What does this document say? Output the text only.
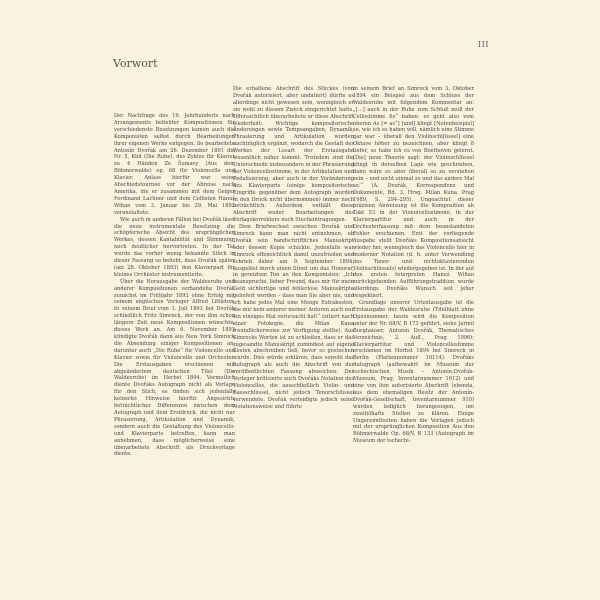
III
Vorwort

Der Nachfrage des 19. Jahrhunderts nach Arrangements beliebter Kompositionen für verschiedenste Besetzungen kamen auch die Komponisten selbst durch Bearbeitungen ihrer eigenen Werke entgegen. So bearbeitete Antonín Dvořák am 26. Dezember 1891 die Nr. 5, Klid (Die Ruhe), des Zyklus für Klavier zu 4 Händen Ze Šumavy (Aus dem Böhmerwalde) op. 68 für Violoncello und Klavier. Anlass hierfür war seine Abschiedstournee vor der Abreise nach Amerika, die er zusammen mit dem Geiger Ferdinand Lachner und dem Cellisten Hanuš Wihan vom 3. Januar bis 29. Mai 1892 veranstaltete.

Wie auch in anderen Fällen bei Dvořák lässt die neue instrumentale Besetzung die schöpferische Absicht des ursprünglichen Werkes, dessen Kantabilität und Stimmung, noch deutlicher hervortreten. In der Tat wurde das vorher wenig bekannte Stück in dieser Fassung so beliebt, dass Dvořák später (am 28. Oktober 1893) den Klavierpart für kleines Orchester instrumentierte.

Über die Herausgabe der Waldesruhe und anderer Kompositionen verhandelte Dvořák zunächst im Frühjahr 1893 ohne Erfolg mit seinem englischen Verleger Alfred Littleton. In seinem Brief vom 3. Juli 1893 bot Dvořák schließlich Fritz Simrock, der von ihm schon längere Zeit neue Kompositionen wünschte, dieses Werk an. Am 6. November 1893 kündigte Dvořák dann aus New York Simrock die Absendung einiger Kompositionen an, darunter auch „Die Ruhe“ für Violoncello und Klavier sowie für Violoncello und Orchester. Die Erstausgaben erschienen mit abgeändertem deutschen Titel (Die Waldesruhe) im Herbst 1894. Vermutlich diente Dvořáks Autograph nicht als Vorlage für den Stich, es finden sich jedenfalls keinerlei Hinweise hierfür. Angesichts beträchtlicher Differenzen zwischen dem Autograph und dem Erstdruck, die nicht nur Phrasierung, Artikulation und Dynamik, sondern auch die Gestaltung des Violoncello- und Klavierparts betreffen, kann man annehmen, dass möglicherweise eine überarbeitete Abschrift als Druckvorlage diente.

Die erhaltene Abschrift des Stückes (von Dvořák autorisiert, aber undatiert) dürfte es allerdings nicht gewesen sein, wenngleich er sie wohl zu diesem Zweck eingerichtet hatte. Offensichtlich überarbeitete er diese Abschrift wiederholt: Wichtige kompositorische Änderungen sowie Tempoangaben, Dynamik, Phrasierung und Artikulation wurden nachträglich ergänzt, wodurch die Gestalt des Werkes der Lesart der Erstausgabe wesentlich näher kommt. Trotzdem sind die Unterschiede insbesondere in der Phrasierung der Violoncellostimme, in der Artikulation und Pedalisierung, aber auch in der Veränderung des Klavierparts (einige kompositorische Eingriffe gegenüber dem Autograph wurden in den Druck nicht übernommen) immer noch beträchtlich. Außerdem enthält diese Abschrift weder Bearbeitungen des Verlagskorrektors noch Stecheintragungen.

Dem Briefwechsel zwischen Dvořák und Simrock kann man nicht entnehmen, ob Dvořák sein handschriftliches Manuskript oder dessen Kopie schickte. Jedenfalls war Simrock offensichtlich damit unzufrieden und schrieb daher am 9. September 1894, ausgelöst durch einen Streit um das Honorar, in gereiztem Ton an den Komponisten: „Ich beanspruche, lieber Freund, dass mir für mein Geld sichfertige und fehlerlose Manuskripte geliefert werden – dass man Sie aber nie, und ich habe jedes Mal eine Menge Extrakosten, die mir kein anderer meiner Autoren auch nur ein einziges Mal verursacht hat!“ (zitiert nach einer Fotokopie, die Milan Kuna freundlicherweise zur Verfügung stellte). Aus Simrocks Worten ist zu schließen, dass er das zugesandte Manuskript zumindest auf eigene Kosten abschreiben ließ, bevor es gestochen wurde. Dies würde erklären, dass sowohl das Autograph als auch die Abschrift von der veröffentlichten Fassung abweichen. Der Verleger kritisierte auch Dvořáks Notation des Violoncellos, die ausschließlich Violin- und Bassschlüssel, nicht jedoch Tenorschlüssel verwendete. Dvořák verteidigte jedoch seine Notationsweise und führte

in seinem Brief an Simrock vom 3. Oktober 1894 ein Beispiel aus dem Schluss der Waldesruhe mit folgendem Kommentar an: „[…] auch in der Ruhe zum Schluß muß der Cellostimme fis“ haben: es geht also vom oberen As [= as“] [und] klingt [Notenbeispiel] so, wie ich es haben will, nämlich eine Stimme gar war – überall den Violinschl[üssel] eine Oktave höher zu bezeichnen, aber klingt 8 tiefer, so habe ich es von Beethoven gelernt. [Die] neue Theorie sagt: der Violinschlüssel klingt in derselben Lage wie geschrieben, dann wäre es aber überall so zu verstehen sein – und nicht einmal so und das andere Mal so.“ (A. Dvořák, Korrespondenz und Dokumente, Bd. 3, Hrsg. Milan Kuna, Prag 1989, S. 294–295). Ungeachtet dieser präzisen Anweisung ist die Komposition ab Takt 53 in der Violoncellostimme, in der Klavierpartitur und auch in der Orchesterfassung mit dem beanstandeten Fehler erschienen. Erst der vorliegende Ausgabe stellt Dvořáks Kompositionsabsicht wieder her, wenngleich das Violoncello hier in moderner Notation (d. h. unter Verwendung des Tenor- und nichtoktavierenden Violinschlüssels) wiedergegeben ist. In der auf den ersten Interpreten Hanuš Wihan zurückgehenden Aufführungstradition wurde allerdings Dvořáks Wunsch seit jeher respektiert.

Grundlage unserer Urtextausgabe ist die Erstausgabe der Waldesruhe (Titelblatt ohne Opusnummer, heute wird die Komposition unter der Nr. 68/V, B 173 geführt, siehe Jarmil Burghauser, Antonín Dvořák, Thematisches Verzeichnis, 2. Aufl., Prag 1996): Klavierpartitur und Violoncellostimme erschienen im Herbst 1894 bei Simrock in Berlin (Plattennummer 10114). Dvořáks Autograph (aufbewahrt im Museum der tschechischen Musik – Antonín-Dvořák-Museum, Prag, Inventarnummer 1612) und eine von ihm autorisierte Abschrift (ebenda, aus dem ehemaligen Besitz der Antonín-Dvořák-Gesellschaft, Inventarnummer 910) wurden lediglich herangezogen, um zweifelhafte Stellen zu klären. Einige Ungereimtheiten haben die Vorlagen jedoch mit der ursprünglichen Komposition Aus den Böhmerwalde Op. 68/V, B 133 (Autograph im Museum der tschechi-
